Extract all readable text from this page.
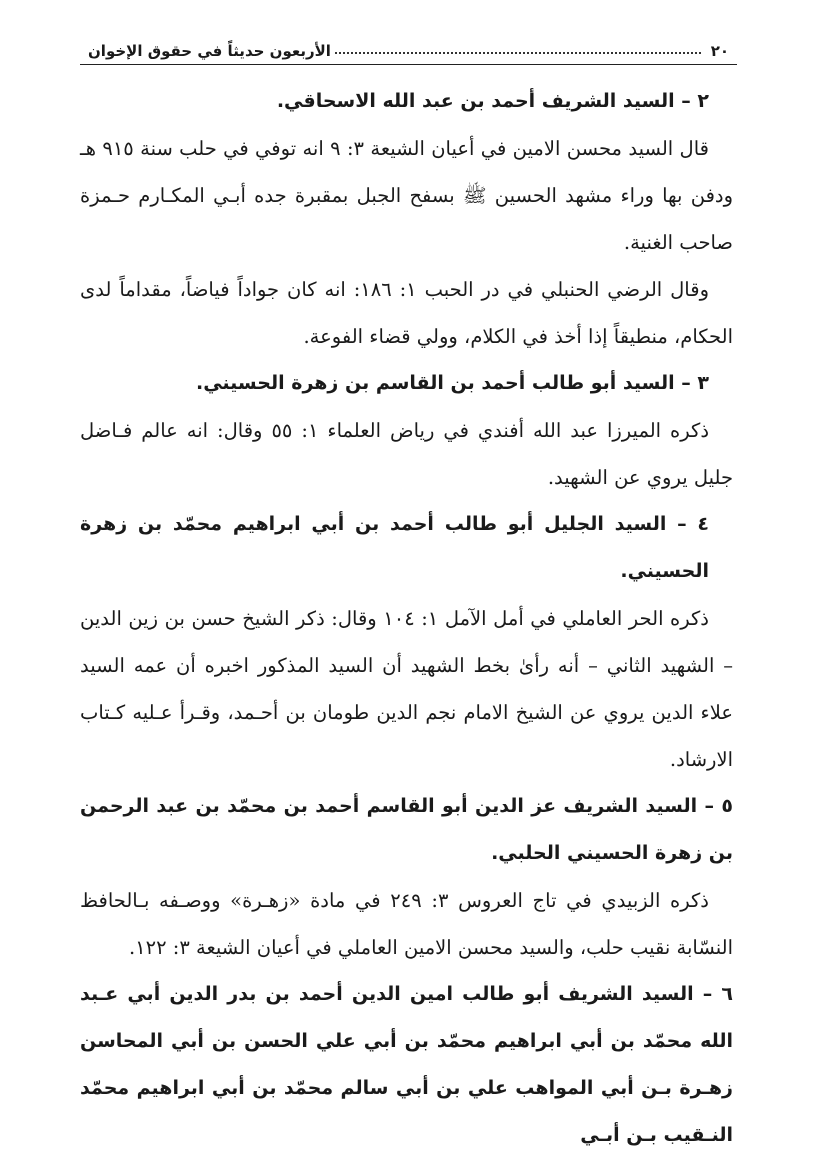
٢٠
الأربعون حديثاً في حقوق الإخوان

٢ – السيد الشريف أحمد بن عبد الله الاسحاقي.

قال السيد محسن الامين في أعيان الشيعة ٣: ٩ انه توفي في حلب سنة ٩١٥ هـ ودفن بها وراء مشهد الحسين ﷺ بسفح الجبل بمقبرة جده أبـي المكـارم حـمزة صاحب الغنية.

وقال الرضي الحنبلي في در الحبب ١: ١٨٦: انه كان جواداً فياضاً، مقداماً لدى الحكام، منطيقاً إذا أخذ في الكلام، وولي قضاء الفوعة.

٣ – السيد أبو طالب أحمد بن القاسم بن زهرة الحسيني.

ذكره الميرزا عبد الله أفندي في رياض العلماء ١: ٥٥ وقال: انه عالم فـاضل جليل يروي عن الشهيد.

٤ – السيد الجليل أبو طالب أحمد بن أبي ابراهيم محمّد بن زهرة الحسيني.

ذكره الحر العاملي في أمل الآمل ١: ١٠٤ وقال: ذكر الشيخ حسن بن زين الدين – الشهيد الثاني – أنه رأىٰ بخط الشهيد أن السيد المذكور اخبره أن عمه السيد علاء الدين يروي عن الشيخ الامام نجم الدين طومان بن أحـمد، وقـرأ عـليه كـتاب الارشاد.

٥ – السيد الشريف عز الدين أبو القاسم أحمد بن محمّد بن عبد الرحمن بن زهرة الحسيني الحلبي.

ذكره الزبيدي في تاج العروس ٣: ٢٤٩ في مادة «زهـرة» ووصـفه بـالحافظ النسّابة نقيب حلب، والسيد محسن الامين العاملي في أعيان الشيعة ٣: ١٢٢.

٦ – السيد الشريف أبو طالب امين الدين أحمد بن بدر الدين أبي عـبد الله محمّد بن أبي ابراهيم محمّد بن أبي علي الحسن بن أبي المحاسن زهـرة بـن أبي المواهب علي بن أبي سالم محمّد بن أبي ابراهيم محمّد النـقيب بـن أبـي
